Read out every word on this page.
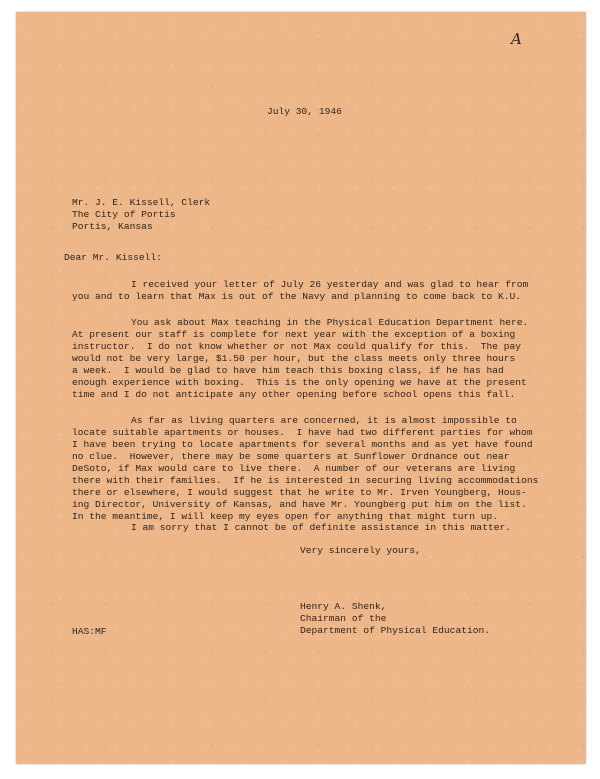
A

July 30, 1946

Mr. J. E. Kissell, Clerk

The City of Portis

Portis, Kansas

Dear Mr. Kissell:

I received your letter of July 26 yesterday and was glad to hear from

you and to learn that Max is out of the Navy and planning to come back to K.U.

You ask about Max teaching in the Physical Education Department here.

At present our staff is complete for next year with the exception of a boxing

instructor.  I do not know whether or not Max could qualify for this.  The pay

would not be very large, $1.50 per hour, but the class meets only three hours

a week.  I would be glad to have him teach this boxing class, if he has had

enough experience with boxing.  This is the only opening we have at the present

time and I do not anticipate any other opening before school opens this fall.

As far as living quarters are concerned, it is almost impossible to

locate suitable apartments or houses.  I have had two different parties for whom

I have been trying to locate apartments for several months and as yet have found

no clue.  However, there may be some quarters at Sunflower Ordnance out near

DeSoto, if Max would care to live there.  A number of our veterans are living

there with their families.  If he is interested in securing living accommodations

there or elsewhere, I would suggest that he write to Mr. Irven Youngberg, Hous-

ing Director, University of Kansas, and have Mr. Youngberg put him on the list.

In the meantime, I will keep my eyes open for anything that might turn up.

I am sorry that I cannot be of definite assistance in this matter.

Very sincerely yours,

Henry A. Shenk,

Chairman of the

Department of Physical Education.

HAS:MF
